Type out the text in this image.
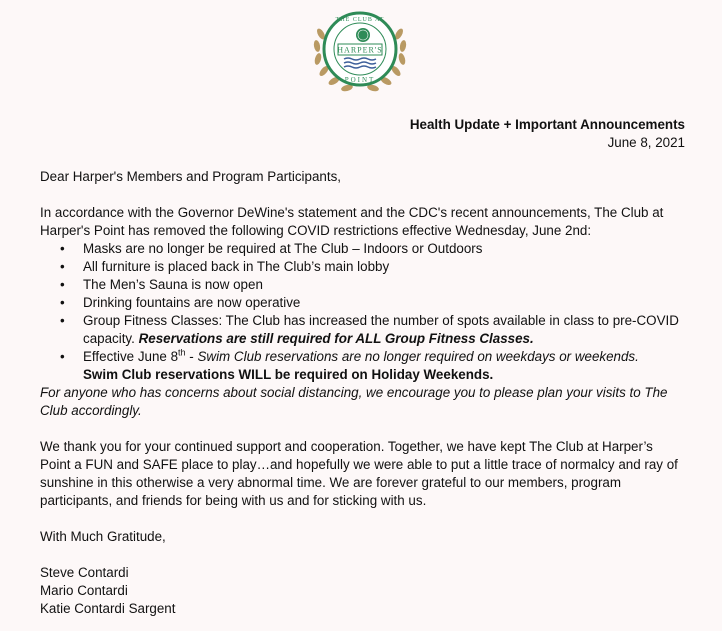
THE CLUB AT
POINT
HARPER'S
Health Update + Important Announcements
June 8, 2021

Dear Harper's Members and Program Participants,

In accordance with the Governor DeWine's statement and the CDC's recent announcements, The Club at Harper's Point has removed the following COVID restrictions effective Wednesday, June 2nd:

• Masks are no longer be required at The Club – Indoors or Outdoors
• All furniture is placed back in The Club’s main lobby
• The Men’s Sauna is now open
• Drinking fountains are now operative
• Group Fitness Classes: The Club has increased the number of spots available in class to pre-COVID capacity. Reservations are still required for ALL Group Fitness Classes.
• Effective June 8th - Swim Club reservations are no longer required on weekdays or weekends.  Swim Club reservations WILL be required on Holiday Weekends.

For anyone who has concerns about social distancing, we encourage you to please plan your visits to The Club accordingly.

We thank you for your continued support and cooperation. Together, we have kept The Club at Harper’s Point a FUN and SAFE place to play…and hopefully we were able to put a little trace of normalcy and ray of sunshine in this otherwise a very abnormal time. We are forever grateful to our members, program participants, and friends for being with us and for sticking with us.

With Much Gratitude,

Steve Contardi

Mario Contardi

Katie Contardi Sargent
